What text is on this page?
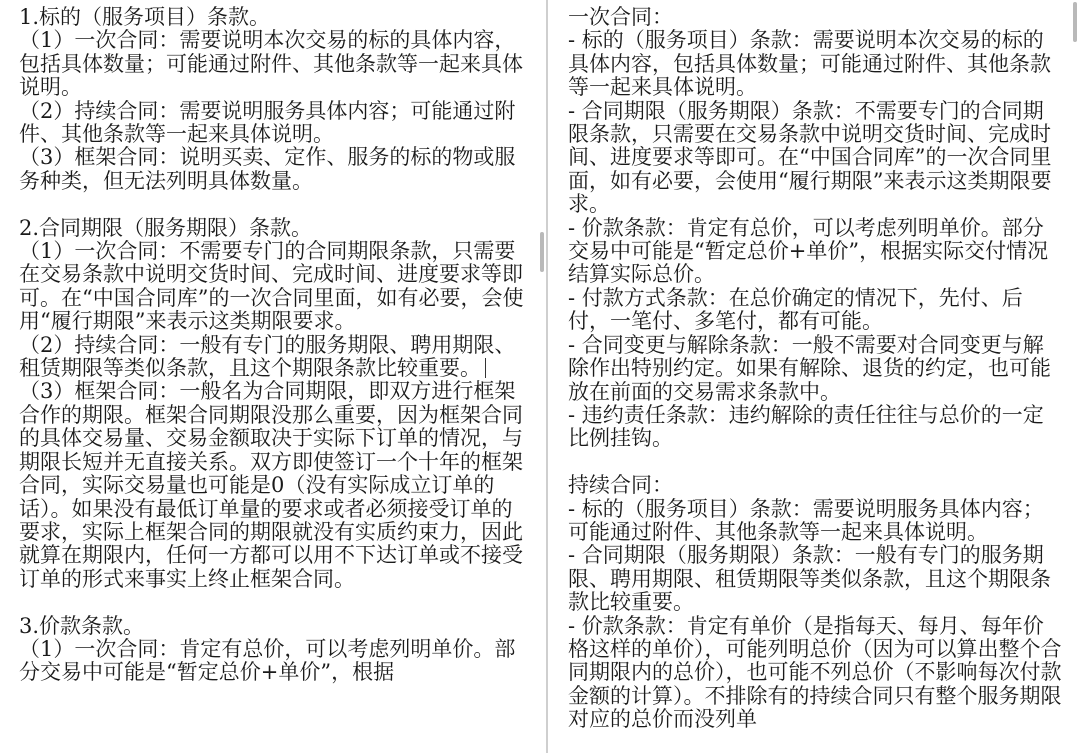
1.标的（服务项目）条款。
（1）一次合同：需要说明本次交易的标的具体内容，包括具体数量；可能通过附件、其他条款等一起来具体说明。
（2）持续合同：需要说明服务具体内容；可能通过附件、其他条款等一起来具体说明。
（3）框架合同：说明买卖、定作、服务的标的物或服务种类，但无法列明具体数量。
2.合同期限（服务期限）条款。
（1）一次合同：不需要专门的合同期限条款，只需要在交易条款中说明交货时间、完成时间、进度要求等即可。在“中国合同库”的一次合同里面，如有必要，会使用“履行期限”来表示这类期限要求。
（2）持续合同：一般有专门的服务期限、聘用期限、租赁期限等类似条款，且这个期限条款比较重要。
（3）框架合同：一般名为合同期限，即双方进行框架合作的期限。框架合同期限没那么重要，因为框架合同的具体交易量、交易金额取决于实际下订单的情况，与期限长短并无直接关系。双方即使签订一个十年的框架合同，实际交易量也可能是0（没有实际成立订单的话）。如果没有最低订单量的要求或者必须接受订单的要求，实际上框架合同的期限就没有实质约束力，因此就算在期限内，任何一方都可以用不下达订单或不接受订单的形式来事实上终止框架合同。
3.价款条款。
（1）一次合同：肯定有总价，可以考虑列明单价。部分交易中可能是“暂定总价+单价”，根据
一次合同：
- 标的（服务项目）条款：需要说明本次交易的标的具体内容，包括具体数量；可能通过附件、其他条款等一起来具体说明。
- 合同期限（服务期限）条款：不需要专门的合同期限条款，只需要在交易条款中说明交货时间、完成时间、进度要求等即可。在“中国合同库”的一次合同里面，如有必要，会使用“履行期限”来表示这类期限要求。
- 价款条款：肯定有总价，可以考虑列明单价。部分交易中可能是“暂定总价+单价”，根据实际交付情况结算实际总价。
- 付款方式条款：在总价确定的情况下，先付、后付，一笔付、多笔付，都有可能。
- 合同变更与解除条款：一般不需要对合同变更与解除作出特别约定。如果有解除、退货的约定，也可能放在前面的交易需求条款中。
- 违约责任条款：违约解除的责任往往与总价的一定比例挂钩。
持续合同：
- 标的（服务项目）条款：需要说明服务具体内容；可能通过附件、其他条款等一起来具体说明。
- 合同期限（服务期限）条款：一般有专门的服务期限、聘用期限、租赁期限等类似条款，且这个期限条款比较重要。
- 价款条款：肯定有单价（是指每天、每月、每年价格这样的单价），可能列明总价（因为可以算出整个合同期限内的总价），也可能不列总价（不影响每次付款金额的计算）。不排除有的持续合同只有整个服务期限对应的总价而没列单
